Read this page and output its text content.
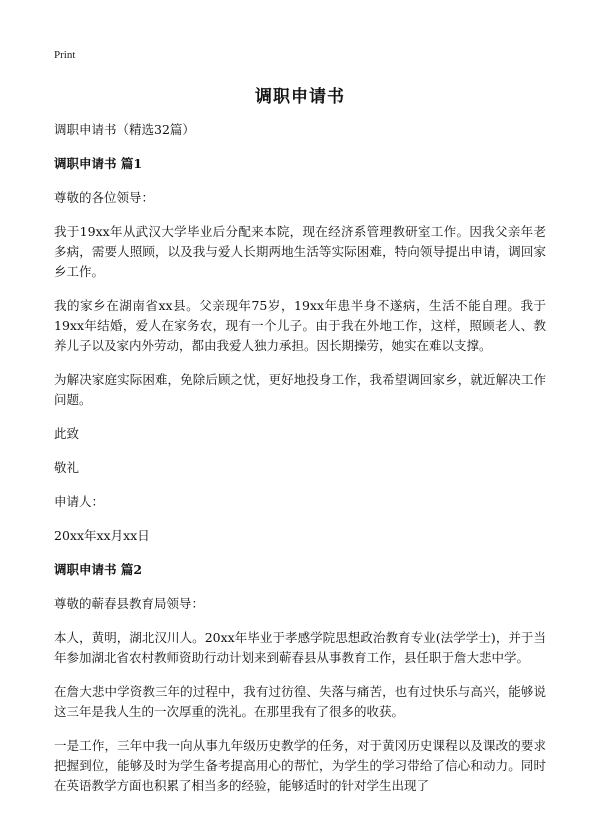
Print
调职申请书

调职申请书（精选32篇）

调职申请书 篇1

尊敬的各位领导：

我于19xx年从武汉大学毕业后分配来本院，现在经济系管理教研室工作。因我父亲年老多病，需要人照顾，以及我与爱人长期两地生活等实际困难，特向领导提出申请，调回家乡工作。

我的家乡在湖南省xx县。父亲现年75岁，19xx年患半身不遂病，生活不能自理。我于19xx年结婚，爱人在家务农，现有一个儿子。由于我在外地工作，这样，照顾老人、教养儿子以及家内外劳动，都由我爱人独力承担。因长期操劳，她实在难以支撑。

为解决家庭实际困难，免除后顾之忧，更好地投身工作，我希望调回家乡，就近解决工作问题。

此致

敬礼

申请人：

20xx年xx月xx日

调职申请书 篇2

尊敬的蕲春县教育局领导：

本人，黄明，湖北汉川人。20xx年毕业于孝感学院思想政治教育专业(法学学士)，并于当年参加湖北省农村教师资助行动计划来到蕲春县从事教育工作，县任职于詹大悲中学。

在詹大悲中学资教三年的过程中，我有过彷徨、失落与痛苦，也有过快乐与高兴，能够说这三年是我人生的一次厚重的洗礼。在那里我有了很多的收获。

一是工作，三年中我一向从事九年级历史教学的任务，对于黄冈历史课程以及课改的要求把握到位，能够及时为学生备考提高用心的帮忙，为学生的学习带给了信心和动力。同时在英语教学方面也积累了相当多的经验，能够适时的针对学生出现了
